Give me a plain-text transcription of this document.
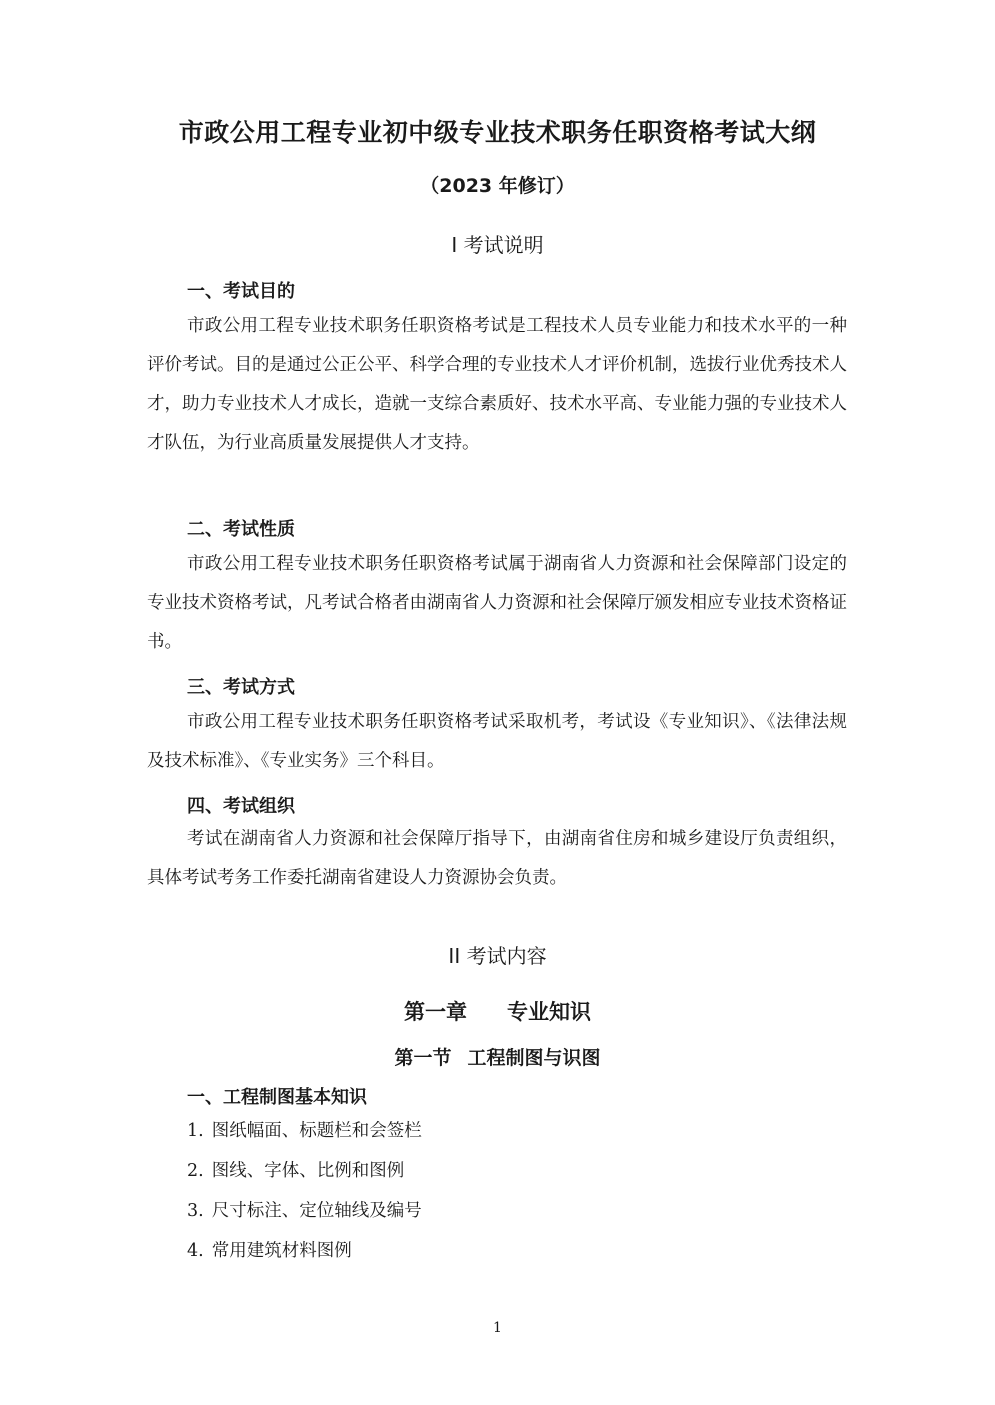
市政公用工程专业初中级专业技术职务任职资格考试大纲
（2023 年修订）
I 考试说明
一、考试目的

市政公用工程专业技术职务任职资格考试是工程技术人员专业能力和技术水平的一种评价考试。目的是通过公正公平、科学合理的专业技术人才评价机制，选拔行业优秀技术人才，助力专业技术人才成长，造就一支综合素质好、技术水平高、专业能力强的专业技术人才队伍，为行业高质量发展提供人才支持。

二、考试性质

市政公用工程专业技术职务任职资格考试属于湖南省人力资源和社会保障部门设定的专业技术资格考试，凡考试合格者由湖南省人力资源和社会保障厅颁发相应专业技术资格证书。

三、考试方式

市政公用工程专业技术职务任职资格考试采取机考，考试设《专业知识》、《法律法规及技术标准》、《专业实务》三个科目。

四、考试组织

考试在湖南省人力资源和社会保障厅指导下，由湖南省住房和城乡建设厅负责组织，具体考试考务工作委托湖南省建设人力资源协会负责。

II 考试内容
第一章 专业知识
第一节 工程制图与识图
一、工程制图基本知识
1. 图纸幅面、标题栏和会签栏
2. 图线、字体、比例和图例
3. 尺寸标注、定位轴线及编号
4. 常用建筑材料图例
1
